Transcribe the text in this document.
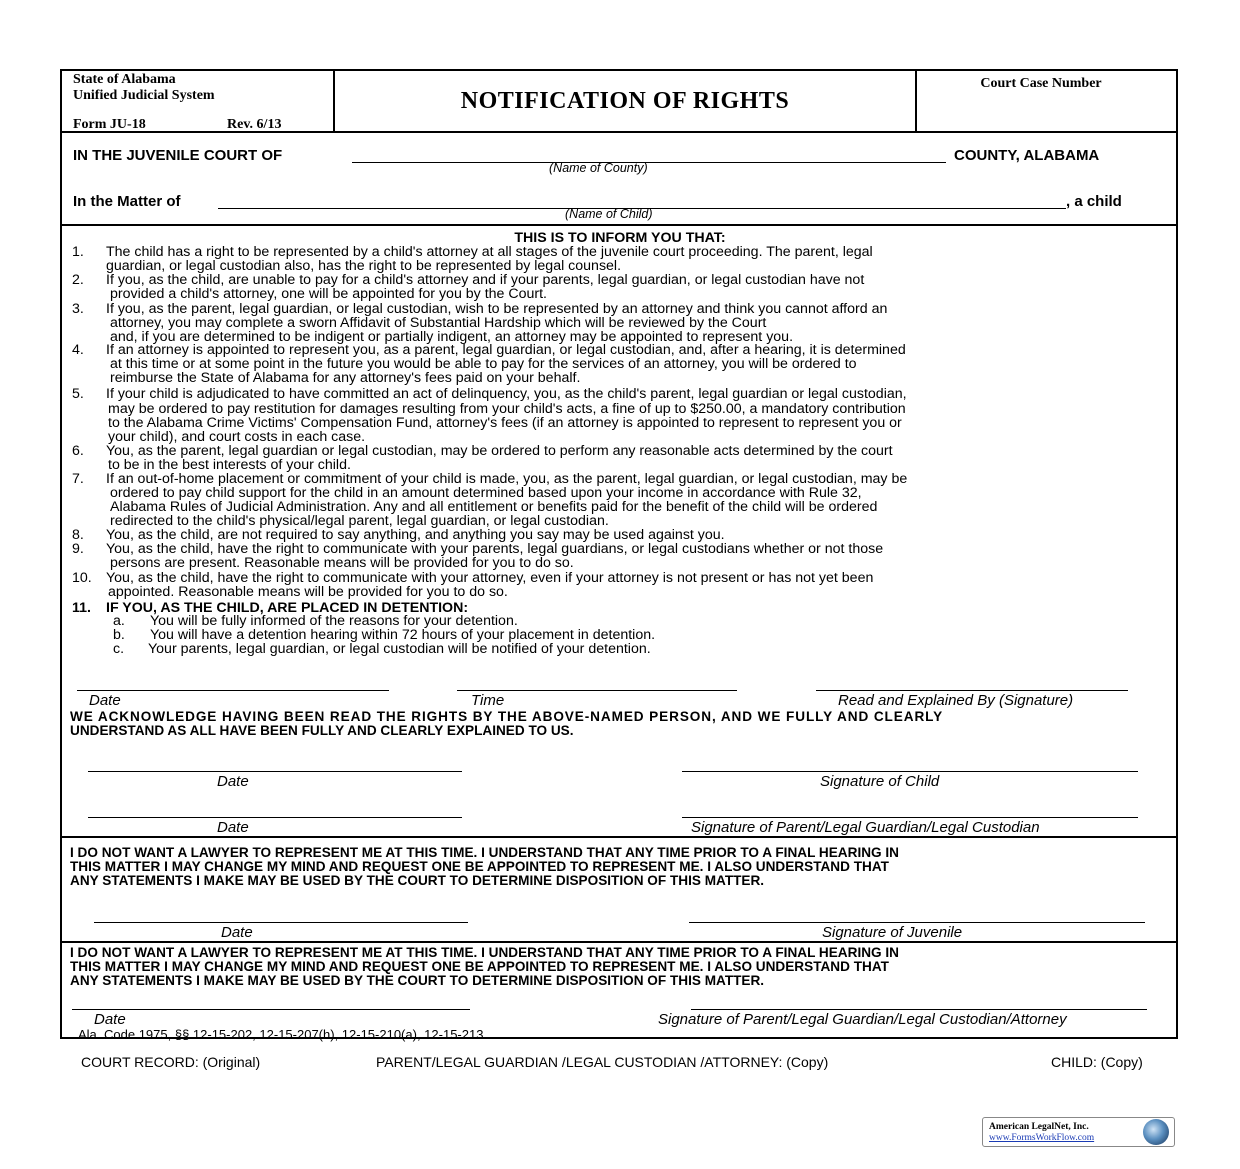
State of Alabama
Unified Judicial System
Form JU-18	Rev. 6/13
NOTIFICATION OF RIGHTS
Court Case Number
IN THE JUVENILE COURT OF	COUNTY, ALABAMA
(Name of County)
In the Matter of	, a child
(Name of Child)
THIS IS TO INFORM YOU THAT:
1. The child has a right to be represented by a child's attorney at all stages of the juvenile court proceeding. The parent, legal
guardian, or legal custodian also, has the right to be represented by legal counsel.
2. If you, as the child, are unable to pay for a child's attorney and if your parents, legal guardian, or legal custodian have not
provided a child's attorney, one will be appointed for you by the Court.
3. If you, as the parent, legal guardian, or legal custodian, wish to be represented by an attorney and think you cannot afford an
attorney, you may complete a sworn Affidavit of Substantial Hardship which will be reviewed by the Court
and, if you are determined to be indigent or partially indigent, an attorney may be appointed to represent you.
4. If an attorney is appointed to represent you, as a parent, legal guardian, or legal custodian, and, after a hearing, it is determined
at this time or at some point in the future you would be able to pay for the services of an attorney, you will be ordered to
reimburse the State of Alabama for any attorney's fees paid on your behalf.
5. If your child is adjudicated to have committed an act of delinquency, you, as the child's parent, legal guardian or legal custodian,
may be ordered to pay restitution for damages resulting from your child's acts, a fine of up to $250.00, a mandatory contribution
to the Alabama Crime Victims' Compensation Fund, attorney's fees (if an attorney is appointed to represent to represent you or
your child), and court costs in each case.
6. You, as the parent, legal guardian or legal custodian, may be ordered to perform any reasonable acts determined by the court
to be in the best interests of your child.
7. If an out-of-home placement or commitment of your child is made, you, as the parent, legal guardian, or legal custodian, may be
ordered to pay child support for the child in an amount determined based upon your income in accordance with Rule 32,
Alabama Rules of Judicial Administration. Any and all entitlement or benefits paid for the benefit of the child will be ordered
redirected to the child's physical/legal parent, legal guardian, or legal custodian.
8. You, as the child, are not required to say anything, and anything you say may be used against you.
9. You, as the child, have the right to communicate with your parents, legal guardians, or legal custodians whether or not those
persons are present. Reasonable means will be provided for you to do so.
10. You, as the child, have the right to communicate with your attorney, even if your attorney is not present or has not yet been
appointed. Reasonable means will be provided for you to do so.
11. IF YOU, AS THE CHILD, ARE PLACED IN DETENTION:
a. You will be fully informed of the reasons for your detention.
b. You will have a detention hearing within 72 hours of your placement in detention.
c. Your parents, legal guardian, or legal custodian will be notified of your detention.
Date	Time	Read and Explained By (Signature)
WE ACKNOWLEDGE HAVING BEEN READ THE RIGHTS BY THE ABOVE-NAMED PERSON, AND WE FULLY AND CLEARLY
UNDERSTAND AS ALL HAVE BEEN FULLY AND CLEARLY EXPLAINED TO US.
Date	Signature of Child
Date	Signature of Parent/Legal Guardian/Legal Custodian
I DO NOT WANT A LAWYER TO REPRESENT ME AT THIS TIME. I UNDERSTAND THAT ANY TIME PRIOR TO A FINAL HEARING IN
THIS MATTER I MAY CHANGE MY MIND AND REQUEST ONE BE APPOINTED TO REPRESENT ME. I ALSO UNDERSTAND THAT
ANY STATEMENTS I MAKE MAY BE USED BY THE COURT TO DETERMINE DISPOSITION OF THIS MATTER.
Date	Signature of Juvenile
I DO NOT WANT A LAWYER TO REPRESENT ME AT THIS TIME. I UNDERSTAND THAT ANY TIME PRIOR TO A FINAL HEARING IN
THIS MATTER I MAY CHANGE MY MIND AND REQUEST ONE BE APPOINTED TO REPRESENT ME. I ALSO UNDERSTAND THAT
ANY STATEMENTS I MAKE MAY BE USED BY THE COURT TO DETERMINE DISPOSITION OF THIS MATTER.
Date	Signature of Parent/Legal Guardian/Legal Custodian/Attorney
Ala. Code 1975, §§ 12-15-202, 12-15-207(h), 12-15-210(a), 12-15-213
COURT RECORD: (Original)	PARENT/LEGAL GUARDIAN /LEGAL CUSTODIAN /ATTORNEY: (Copy)	CHILD: (Copy)
American LegalNet, Inc.
www.FormsWorkFlow.com
